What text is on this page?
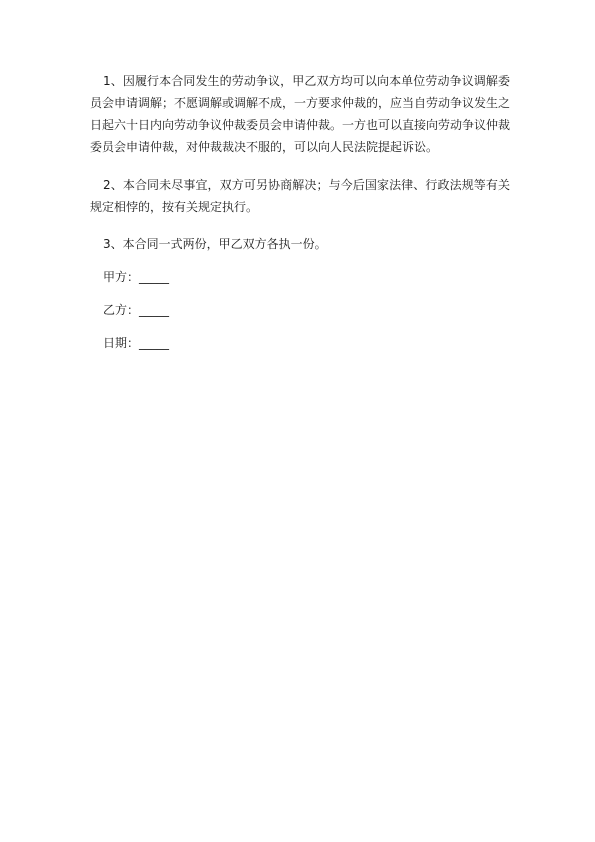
1、因履行本合同发生的劳动争议，甲乙双方均可以向本单位劳动争议调解委员会申请调解；不愿调解或调解不成，一方要求仲裁的，应当自劳动争议发生之日起六十日内向劳动争议仲裁委员会申请仲裁。一方也可以直接向劳动争议仲裁委员会申请仲裁，对仲裁裁决不服的，可以向人民法院提起诉讼。

2、本合同未尽事宜，双方可另协商解决；与今后国家法律、行政法规等有关规定相悖的，按有关规定执行。

3、本合同一式两份，甲乙双方各执一份。

甲方：_____

乙方：_____

日期：_____
